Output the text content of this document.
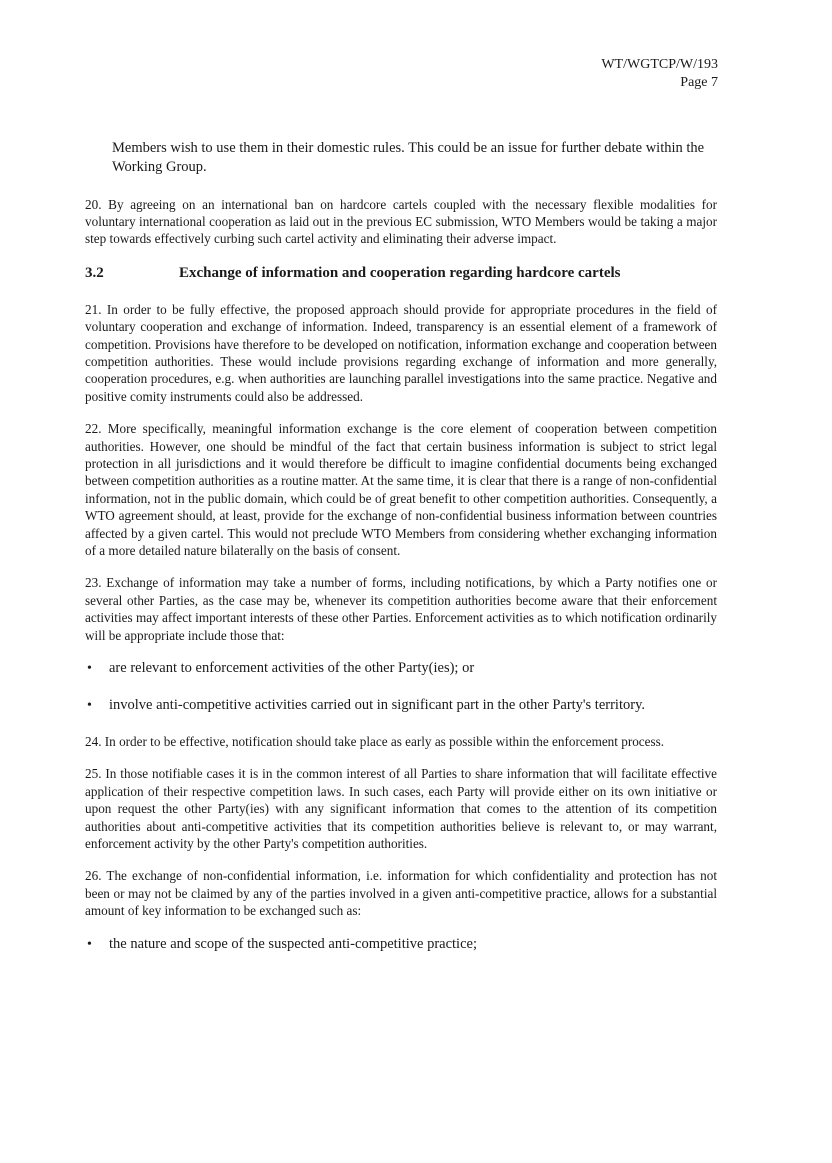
WT/WGTCP/W/193
Page 7

Members wish to use them in their domestic rules. This could be an issue for further debate within the Working Group.

20. By agreeing on an international ban on hardcore cartels coupled with the necessary flexible modalities for voluntary international cooperation as laid out in the previous EC submission, WTO Members would be taking a major step towards effectively curbing such cartel activity and eliminating their adverse impact.

3.2	Exchange of information and cooperation regarding hardcore cartels

21. In order to be fully effective, the proposed approach should provide for appropriate procedures in the field of voluntary cooperation and exchange of information. Indeed, transparency is an essential element of a framework of competition. Provisions have therefore to be developed on notification, information exchange and cooperation between competition authorities. These would include provisions regarding exchange of information and more generally, cooperation procedures, e.g. when authorities are launching parallel investigations into the same practice. Negative and positive comity instruments could also be addressed.

22. More specifically, meaningful information exchange is the core element of cooperation between competition authorities. However, one should be mindful of the fact that certain business information is subject to strict legal protection in all jurisdictions and it would therefore be difficult to imagine confidential documents being exchanged between competition authorities as a routine matter. At the same time, it is clear that there is a range of non-confidential information, not in the public domain, which could be of great benefit to other competition authorities. Consequently, a WTO agreement should, at least, provide for the exchange of non-confidential business information between countries affected by a given cartel. This would not preclude WTO Members from considering whether exchanging information of a more detailed nature bilaterally on the basis of consent.

23. Exchange of information may take a number of forms, including notifications, by which a Party notifies one or several other Parties, as the case may be, whenever its competition authorities become aware that their enforcement activities may affect important interests of these other Parties. Enforcement activities as to which notification ordinarily will be appropriate include those that:

• are relevant to enforcement activities of the other Party(ies); or
• involve anti-competitive activities carried out in significant part in the other Party's territory.

24. In order to be effective, notification should take place as early as possible within the enforcement process.

25. In those notifiable cases it is in the common interest of all Parties to share information that will facilitate effective application of their respective competition laws. In such cases, each Party will provide either on its own initiative or upon request the other Party(ies) with any significant information that comes to the attention of its competition authorities about anti-competitive activities that its competition authorities believe is relevant to, or may warrant, enforcement activity by the other Party's competition authorities.

26. The exchange of non-confidential information, i.e. information for which confidentiality and protection has not been or may not be claimed by any of the parties involved in a given anti-competitive practice, allows for a substantial amount of key information to be exchanged such as:

• the nature and scope of the suspected anti-competitive practice;
